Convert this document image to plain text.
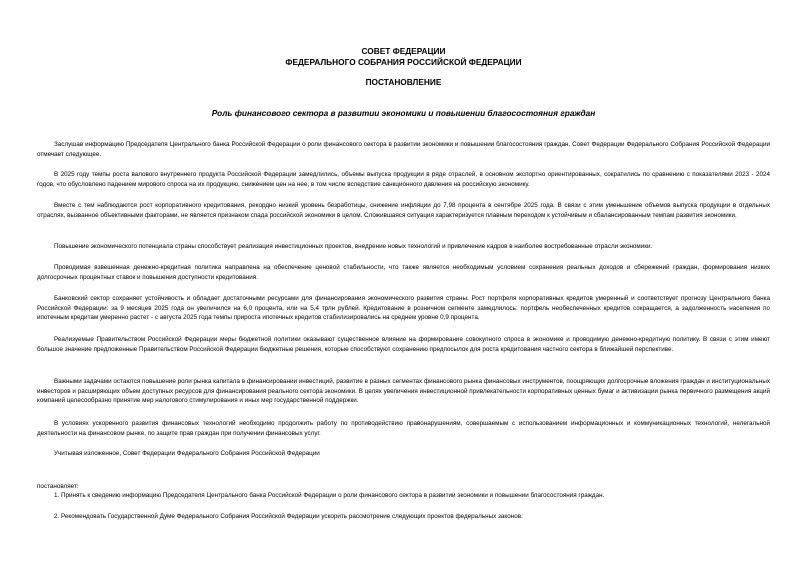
СОВЕТ ФЕДЕРАЦИИ
ФЕДЕРАЛЬНОГО СОБРАНИЯ РОССИЙСКОЙ ФЕДЕРАЦИИ
ПОСТАНОВЛЕНИЕ
Роль финансового сектора в развитии экономики и повышении благосостояния граждан

Заслушав информацию Председателя Центрального банка Российской Федерации о роли финансового сектора в развитии экономики и повышении благосостояния граждан, Совет Федерации Федерального Собрания Российской Федерации отмечает следующее.

В 2025 году темпы роста валового внутреннего продукта Российской Федерации замедлились, объемы выпуска продукции в ряде отраслей, в основном экспортно ориентированных, сократились по сравнению с показателями 2023 - 2024 годов, что обусловлено падением мирового спроса на их продукцию, снижением цен на нее, в том числе вследствие санкционного давления на российскую экономику.

Вместе с тем наблюдаются рост корпоративного кредитования, рекордно низкий уровень безработицы, снижение инфляции до 7,98 процента в сентябре 2025 года. В связи с этим уменьшение объемов выпуска продукции в отдельных отраслях, вызванное объективными факторами, не является признаком спада российской экономики в целом. Сложившаяся ситуация характеризуется плавным переходом к устойчивым и сбалансированным темпам развития экономики.

Повышение экономического потенциала страны способствует реализация инвестиционных проектов, внедрение новых технологий и привлечение кадров в наиболее востребованные отрасли экономики.

Проводимая взвешенная денежно-кредитная политика направлена на обеспечение ценовой стабильности, что также является необходимым условием сохранения реальных доходов и сбережений граждан, формирования низких долгосрочных процентных ставок и повышения доступности кредитования.

Банковский сектор сохраняет устойчивость и обладает достаточными ресурсами для финансирования экономического развития страны. Рост портфеля корпоративных кредитов умеренный и соответствует прогнозу Центрального банка Российской Федерации: за 9 месяцев 2025 года он увеличился на 6,0 процента, или на 5,4 трлн рублей. Кредитование в розничном сегменте замедлилось: портфель необеспеченных кредитов сокращается, а задолженность населения по ипотечным кредитам умеренно растет - с августа 2025 года темпы прироста ипотечных кредитов стабилизировались на среднем уровне 0,9 процента.

Реализуемые Правительством Российской Федерации меры бюджетной политики оказывают существенное влияние на формирование совокупного спроса в экономике и проводимую денежно-кредитную политику. В связи с этим имеют большое значение предложенные Правительством Российской Федерации бюджетные решения, которые способствуют сохранению предпосылок для роста кредитования частного сектора в ближайшей перспективе.

Важными задачами остаются повышение роли рынка капитала в финансировании инвестиций, развитие в разных сегментах финансового рынка финансовых инструментов, поощряющих долгосрочные вложения граждан и институциональных инвесторов и расширяющих объем доступных ресурсов для финансирования реального сектора экономики. В целях увеличения инвестиционной привлекательности корпоративных ценных бумаг и активизации рынка первичного размещения акций компаний целесообразно принятие мер налогового стимулирования и иных мер государственной поддержки.

В условиях ускоренного развития финансовых технологий необходимо продолжить работу по противодействию правонарушениям, совершаемым с использованием информационных и коммуникационных технологий, нелегальной деятельности на финансовом рынке, по защите прав граждан при получении финансовых услуг.

Учитывая изложенное, Совет Федерации Федерального Собрания Российской Федерации

постановляет:

1. Принять к сведению информацию Председателя Центрального банка Российской Федерации о роли финансового сектора в развитии экономики и повышении благосостояния граждан.

2. Рекомендовать Государственной Думе Федерального Собрания Российской Федерации ускорить рассмотрение следующих проектов федеральных законов:
